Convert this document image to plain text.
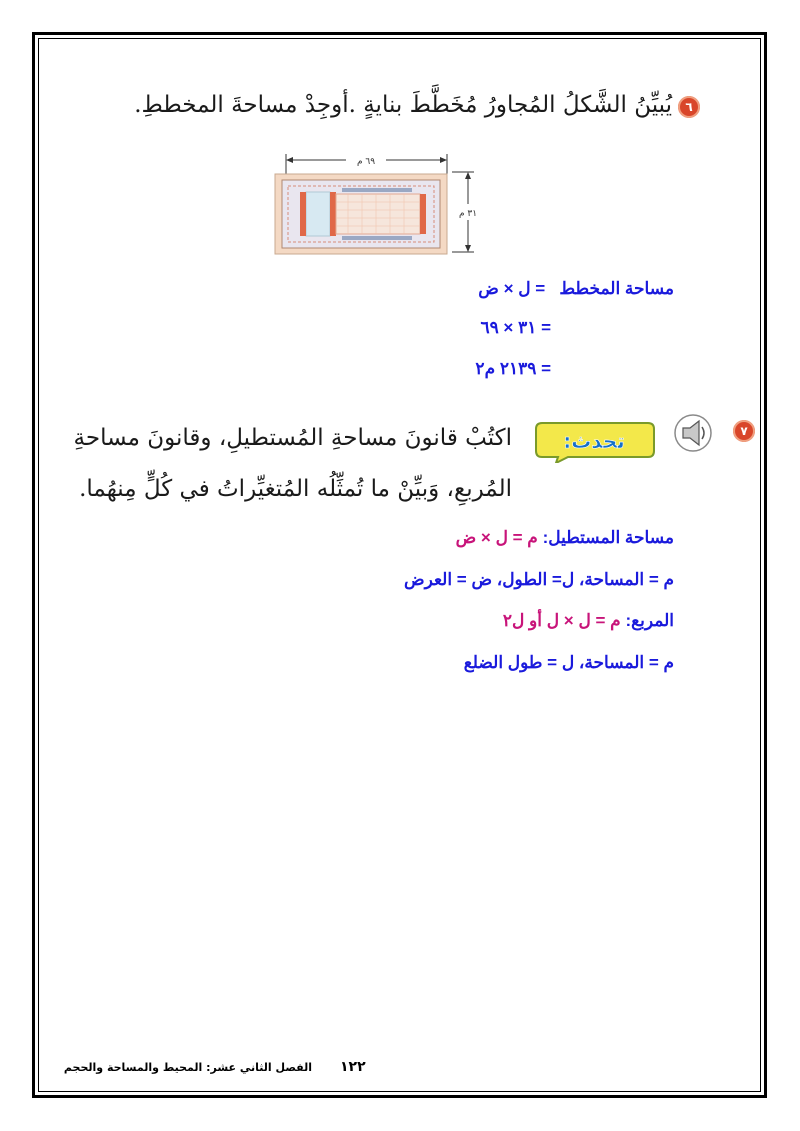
٦
يُبيِّنُ الشَّكلُ المُجاورُ مُخَطَّطَ بنايةٍ .أوجِدْ مساحةَ المخططِ.
٦٩ م
٣١ م
مساحة المخطط   = ل × ض
= ٣١ × ٦٩
= ٢١٣٩ م٢
٧
تحدث:
اكتُبْ قانونَ مساحةِ المُستطيلِ، وقانونَ مساحةِ
المُربعِ، وَبيِّنْ ما تُمثِّلُه المُتغيِّراتُ في كُلٍّ مِنهُما.
مساحة المستطيل: م = ل × ض
م = المساحة، ل= الطول، ض = العرض
المربع: م = ل × ل أو ل٢
م = المساحة، ل = طول الضلع
١٢٢
الفصل الثاني عشر: المحيط والمساحة والحجم
